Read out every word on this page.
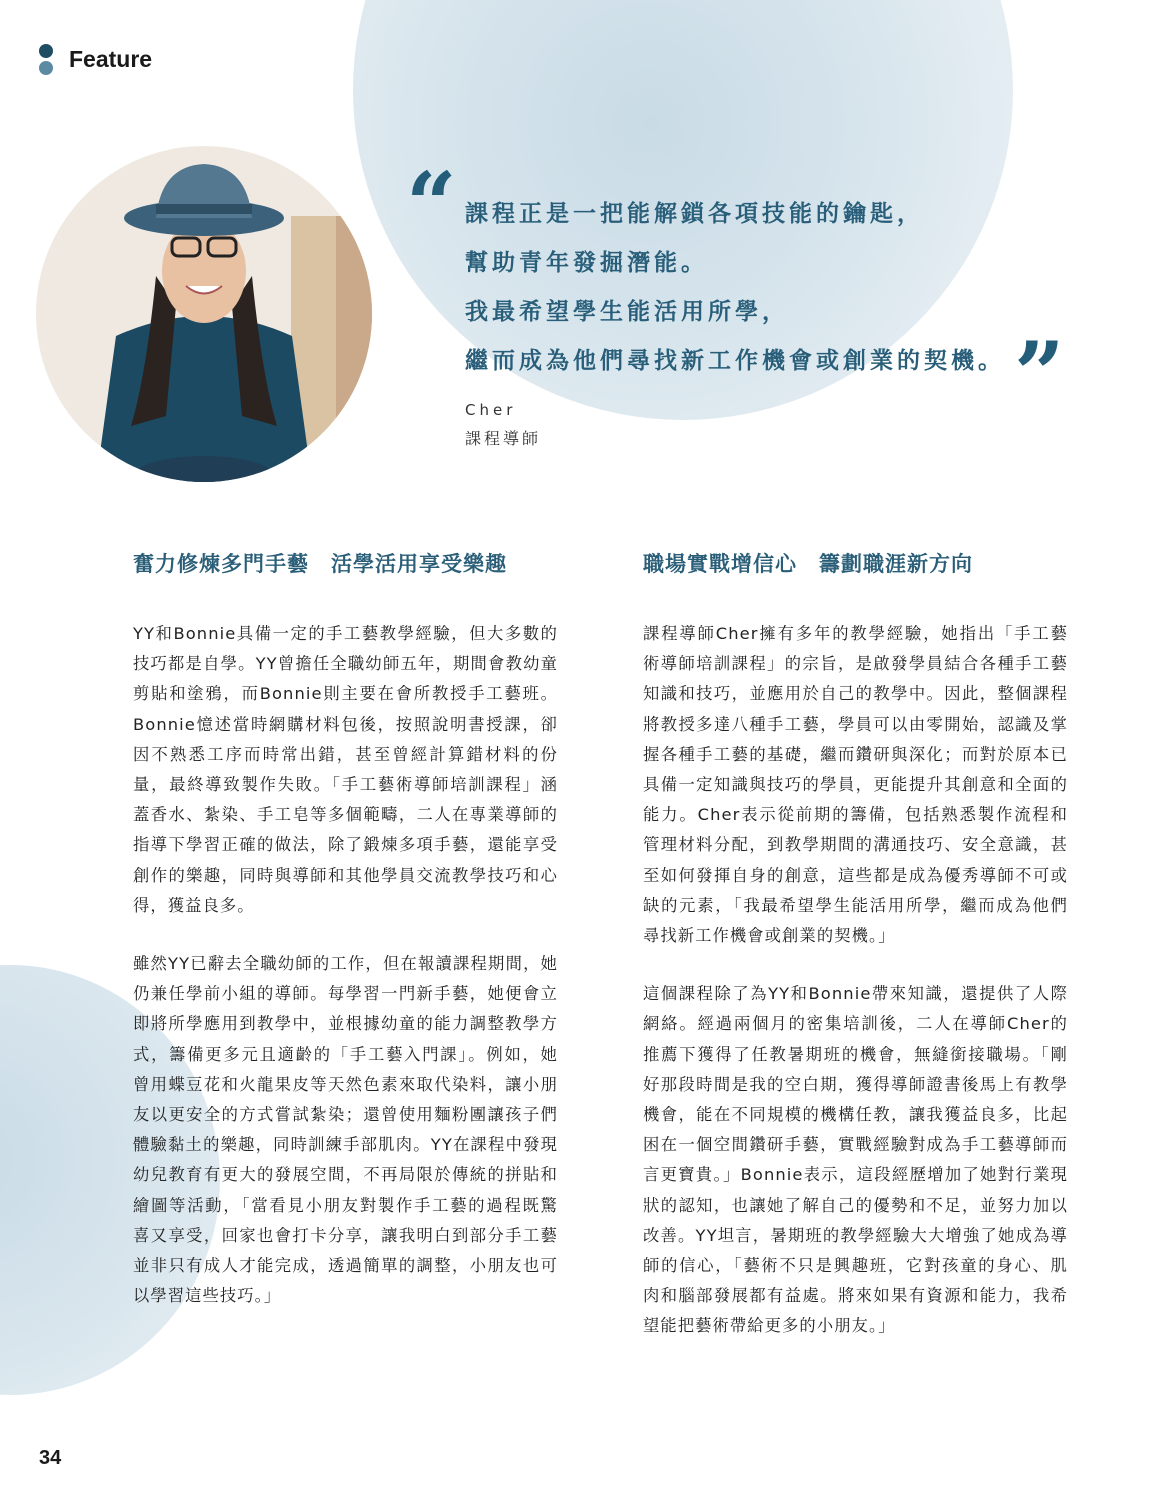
Feature
“
”
課程正是一把能解鎖各項技能的鑰匙，
幫助青年發掘潛能。
我最希望學生能活用所學，
繼而成為他們尋找新工作機會或創業的契機。
Cher
課程導師
奮力修煉多門手藝　活學活用享受樂趣	職場實戰增信心　籌劃職涯新方向

YY和Bonnie具備一定的手工藝教學經驗，但大多數的技巧都是自學。YY曾擔任全職幼師五年，期間會教幼童剪貼和塗鴉，而Bonnie則主要在會所教授手工藝班。Bonnie憶述當時網購材料包後，按照說明書授課，卻因不熟悉工序而時常出錯，甚至曾經計算錯材料的份量，最終導致製作失敗。「手工藝術導師培訓課程」涵蓋香水、紮染、手工皂等多個範疇，二人在專業導師的指導下學習正確的做法，除了鍛煉多項手藝，還能享受創作的樂趣，同時與導師和其他學員交流教學技巧和心得，獲益良多。

雖然YY已辭去全職幼師的工作，但在報讀課程期間，她仍兼任學前小組的導師。每學習一門新手藝，她便會立即將所學應用到教學中，並根據幼童的能力調整教學方式，籌備更多元且適齡的「手工藝入門課」。例如，她曾用蝶豆花和火龍果皮等天然色素來取代染料，讓小朋友以更安全的方式嘗試紮染；還曾使用麵粉團讓孩子們體驗黏土的樂趣，同時訓練手部肌肉。YY在課程中發現幼兒教育有更大的發展空間，不再局限於傳統的拼貼和繪圖等活動，「當看見小朋友對製作手工藝的過程既驚喜又享受，回家也會打卡分享，讓我明白到部分手工藝並非只有成人才能完成，透過簡單的調整，小朋友也可以學習這些技巧。」

課程導師Cher擁有多年的教學經驗，她指出「手工藝術導師培訓課程」的宗旨，是啟發學員結合各種手工藝知識和技巧，並應用於自己的教學中。因此，整個課程將教授多達八種手工藝，學員可以由零開始，認識及掌握各種手工藝的基礎，繼而鑽研與深化；而對於原本已具備一定知識與技巧的學員，更能提升其創意和全面的能力。Cher表示從前期的籌備，包括熟悉製作流程和管理材料分配，到教學期間的溝通技巧、安全意識，甚至如何發揮自身的創意，這些都是成為優秀導師不可或缺的元素，「我最希望學生能活用所學，繼而成為他們尋找新工作機會或創業的契機。」

這個課程除了為YY和Bonnie帶來知識，還提供了人際網絡。經過兩個月的密集培訓後，二人在導師Cher的推薦下獲得了任教暑期班的機會，無縫銜接職場。「剛好那段時間是我的空白期，獲得導師證書後馬上有教學機會，能在不同規模的機構任教，讓我獲益良多，比起困在一個空間鑽研手藝，實戰經驗對成為手工藝導師而言更寶貴。」Bonnie表示，這段經歷增加了她對行業現狀的認知，也讓她了解自己的優勢和不足，並努力加以改善。YY坦言，暑期班的教學經驗大大增強了她成為導師的信心，「藝術不只是興趣班，它對孩童的身心、肌肉和腦部發展都有益處。將來如果有資源和能力，我希望能把藝術帶給更多的小朋友。」

34
